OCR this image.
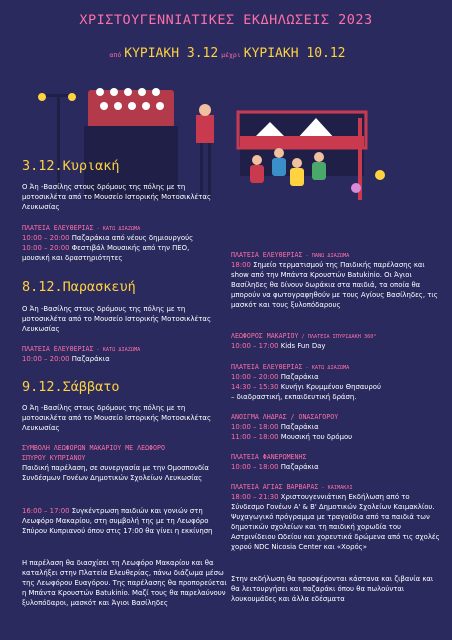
ΧΡΙΣΤΟΥΓΕΝΝΙΑΤΙΚΕΣ ΕΚΔΗΛΩΣΕΙΣ 2023
από ΚΥΡΙΑΚΗ 3.12 μέχρι ΚΥΡΙΑΚΗ 10.12
3.12.Κυριακή
Ο Άη -Βασίλης στους δρόμους της πόλης με τη μοτοσικλέτα από το Μουσείο Ιστορικής Μοτοσικλέτας Λευκωσίας
ΠΛΑΤΕΙΑ ΕΛΕΥΘΕΡΙΑΣ - ΚΑΤΩ ΔΙΑΖΩΜΑ
10:00 – 20:00 Παζαράκια από νέους δημιουργούς
10:00 – 20:00 Φεστιβάλ Μουσικής από την ΠΕΟ,
μουσική και δραστηριότητες
8.12.Παρασκευή
Ο Άη -Βασίλης στους δρόμους της πόλης με τη μοτοσικλέτα από το Μουσείο Ιστορικής Μοτοσικλέτας Λευκωσίας
ΠΛΑΤΕΙΑ ΕΛΕΥΘΕΡΙΑΣ - ΚΑΤΩ ΔΙΑΖΩΜΑ
10:00 – 20:00 Παζαράκια
9.12.Σάββατο
Ο Άη -Βασίλης στους δρόμους της πόλης με τη μοτοσικλέτα από το Μουσείο Ιστορικής Μοτοσικλέτας Λευκωσίας
ΣΥΜΒΟΛΗ ΛΕΩΦΟΡΩΝ ΜΑΚΑΡΙΟΥ ΜΕ ΛΕΩΦΟΡΟ
ΣΠΥΡΟΥ ΚΥΠΡΙΑΝΟΥ
Παιδική παρέλαση, σε συνεργασία με την Ομοσπονδία Συνδέσμων Γονέων Δημοτικών Σχολείων Λευκωσίας
16:00 – 17:00 Συγκέντρωση παιδιών και γονιών στη Λεωφόρο Μακαρίου, στη συμβολή της με τη Λεωφόρο Σπύρου Κυπριανού όπου στις 17:00 θα γίνει η εκκίνηση
Η παρέλαση θα διασχίσει τη Λεωφόρο Μακαρίου και θα καταλήξει στην Πλατεία Ελευθερίας, πάνω διάζωμα μέσω της Λεωφόρου Ευαγόρου. Της παρέλασης θα προπορεύεται η Μπάντα Κρουστών Batukinio. Μαζί τους θα παρελαύνουν ξυλοπόδαροι, μασκότ και Άγιοι Βασίληδες
ΠΛΑΤΕΙΑ ΕΛΕΥΘΕΡΙΑΣ - ΠΑΝΩ ΔΙΑΖΩΜΑ
18:00 Σημείο τερματισμού της Παιδικής παρέλασης και show από την Μπάντα Κρουστών Batukinio. Οι Άγιοι Βασίληδες θα δίνουν δωράκια στα παιδιά, τα οποία θα μπορούν να φωτογραφηθούν με τους Αγίους Βασίληδες, τις μασκότ και τους ξυλοπόδαρους
ΛΕΩΦΟΡΟΣ ΜΑΚΑΡΙΟΥ / ΠΛΑΤΕΙΑ ΣΠΥΡΙΔΑΚΗ 360°
10:00 – 17:00 Kids Fun Day
ΠΛΑΤΕΙΑ ΕΛΕΥΘΕΡΙΑΣ - ΚΑΤΩ ΔΙΑΖΩΜΑ
10:00 – 20:00 Παζαράκια
14:30 – 15:30 Κυνήγι Κρυμμένου Θησαυρού
– διαδραστική, εκπαιδευτική δράση.
ΑΝΟΙΓΜΑ ΛΗΔΡΑΣ / ΟΝΑΣΑΓΟΡΟΥ
10:00 – 18:00 Παζαράκια
11:00 – 18:00 Μουσική του δρόμου
ΠΛΑΤΕΙΑ ΦΑΝΕΡΩΜΕΝΗΣ
10:00 – 18:00 Παζαράκια
ΠΛΑΤΕΙΑ ΑΓΙΑΣ ΒΑΡΒΑΡΑΣ - ΚΑΙΜΑΚΛΙ
18:00 – 21:30 Χριστουγεννιάτικη Εκδήλωση από το Σύνδεσμο Γονέων Α' & Β' Δημοτικών Σχολείων Καιμακλίου. Ψυχαγωγικό πρόγραμμα με τραγούδια από τα παιδιά των δημοτικών σχολείων και τη παιδική χορωδία του Αστρινίδειου Ωδείου και χορευτικά δρώμενα από τις σχολές χορού NDC Nicosia Center και «Χορός»
Στην εκδήλωση θα προσφέρονται κάστανα και ζιβανία και θα λειτουργήσει και παζαράκι όπου θα πωλούνται λουκουμάδες και άλλα εδέσματα
